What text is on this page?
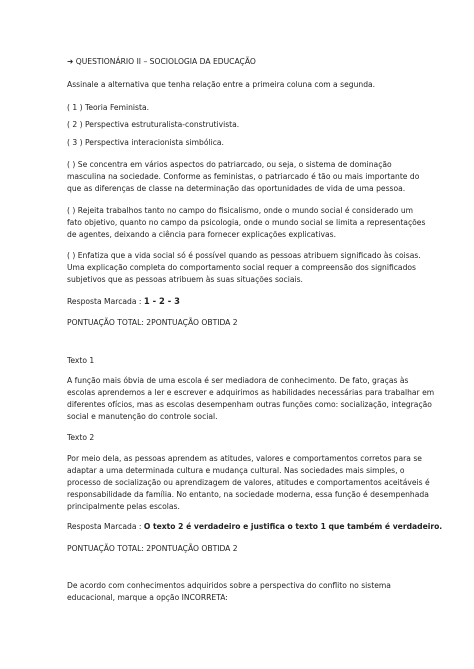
➜ QUESTIONÁRIO II – SOCIOLOGIA DA EDUCAÇÃO
Assinale a alternativa que tenha relação entre a primeira coluna com a segunda.
( 1 ) Teoria Feminista.
( 2 ) Perspectiva estruturalista-construtivista.
( 3 ) Perspectiva interacionista simbólica.
( ) Se concentra em vários aspectos do patriarcado, ou seja, o sistema de dominação
masculina na sociedade. Conforme as feministas, o patriarcado é tão ou mais importante do
que as diferenças de classe na determinação das oportunidades de vida de uma pessoa.
( ) Rejeita trabalhos tanto no campo do fisicalismo, onde o mundo social é considerado um
fato objetivo, quanto no campo da psicologia, onde o mundo social se limita a representações
de agentes, deixando a ciência para fornecer explicações explicativas.
( ) Enfatiza que a vida social só é possível quando as pessoas atribuem significado às coisas.
Uma explicação completa do comportamento social requer a compreensão dos significados
subjetivos que as pessoas atribuem às suas situações sociais.
Resposta Marcada : 1 - 2 - 3
PONTUAÇÃO TOTAL: 2PONTUAÇÃO OBTIDA 2
Texto 1
A função mais óbvia de uma escola é ser mediadora de conhecimento. De fato, graças às
escolas aprendemos a ler e escrever e adquirimos as habilidades necessárias para trabalhar em
diferentes ofícios, mas as escolas desempenham outras funções como: socialização, integração
social e manutenção do controle social.
Texto 2
Por meio dela, as pessoas aprendem as atitudes, valores e comportamentos corretos para se
adaptar a uma determinada cultura e mudança cultural. Nas sociedades mais simples, o
processo de socialização ou aprendizagem de valores, atitudes e comportamentos aceitáveis é
responsabilidade da família. No entanto, na sociedade moderna, essa função é desempenhada
principalmente pelas escolas.
Resposta Marcada : O texto 2 é verdadeiro e justifica o texto 1 que também é verdadeiro.
PONTUAÇÃO TOTAL: 2PONTUAÇÃO OBTIDA 2
De acordo com conhecimentos adquiridos sobre a perspectiva do conflito no sistema
educacional, marque a opção INCORRETA:
